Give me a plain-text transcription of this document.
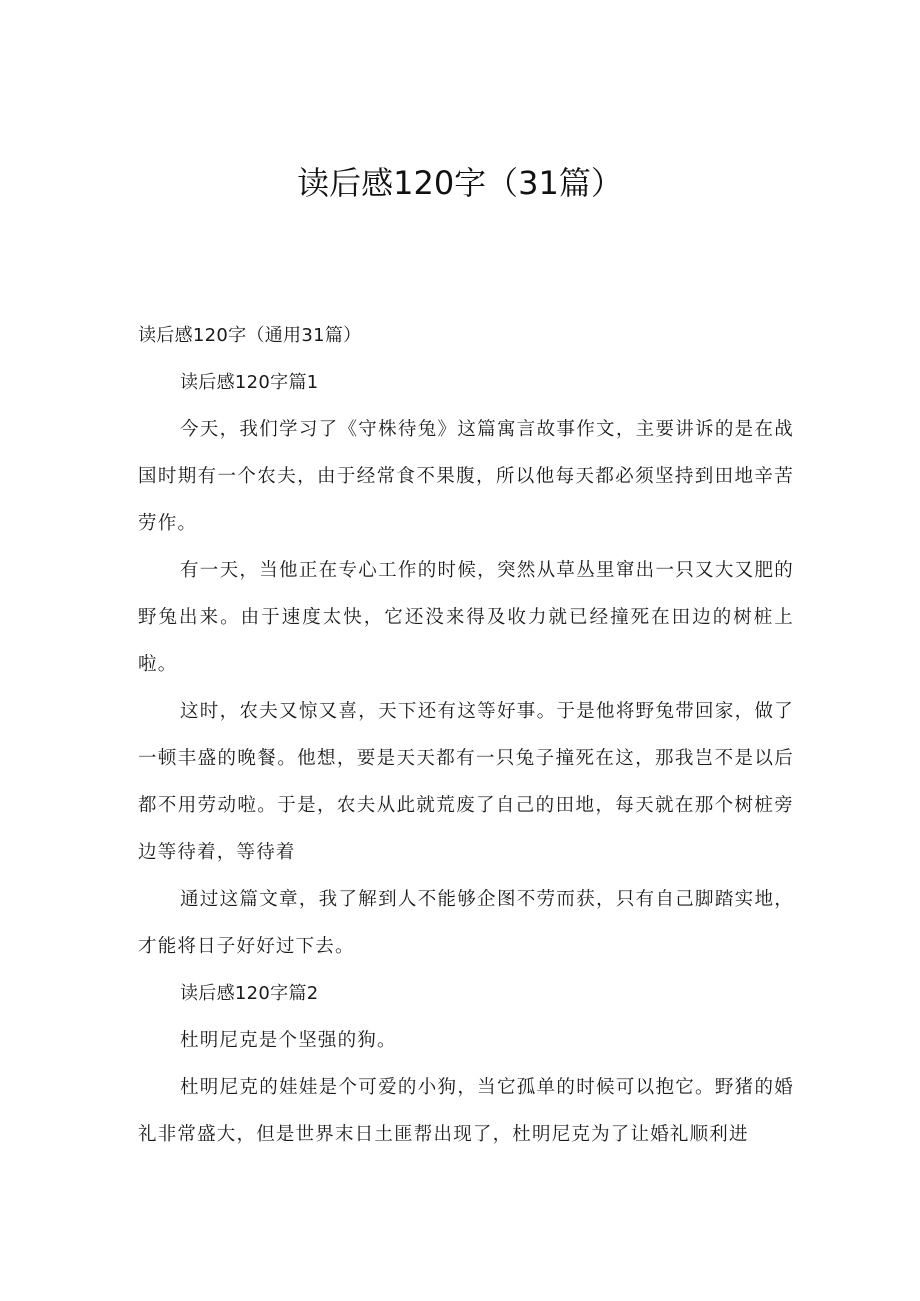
读后感120字（31篇）

读后感120字（通用31篇）

读后感120字篇1

今天，我们学习了《守株待兔》这篇寓言故事作文，主要讲诉的是在战国时期有一个农夫，由于经常食不果腹，所以他每天都必须坚持到田地辛苦劳作。

有一天，当他正在专心工作的时候，突然从草丛里窜出一只又大又肥的野兔出来。由于速度太快，它还没来得及收力就已经撞死在田边的树桩上啦。

这时，农夫又惊又喜，天下还有这等好事。于是他将野兔带回家，做了一顿丰盛的晚餐。他想，要是天天都有一只兔子撞死在这，那我岂不是以后都不用劳动啦。于是，农夫从此就荒废了自己的田地，每天就在那个树桩旁边等待着，等待着

通过这篇文章，我了解到人不能够企图不劳而获，只有自己脚踏实地，才能将日子好好过下去。

读后感120字篇2

杜明尼克是个坚强的狗。

杜明尼克的娃娃是个可爱的小狗，当它孤单的时候可以抱它。野猪的婚礼非常盛大，但是世界末日土匪帮出现了，杜明尼克为了让婚礼顺利进
